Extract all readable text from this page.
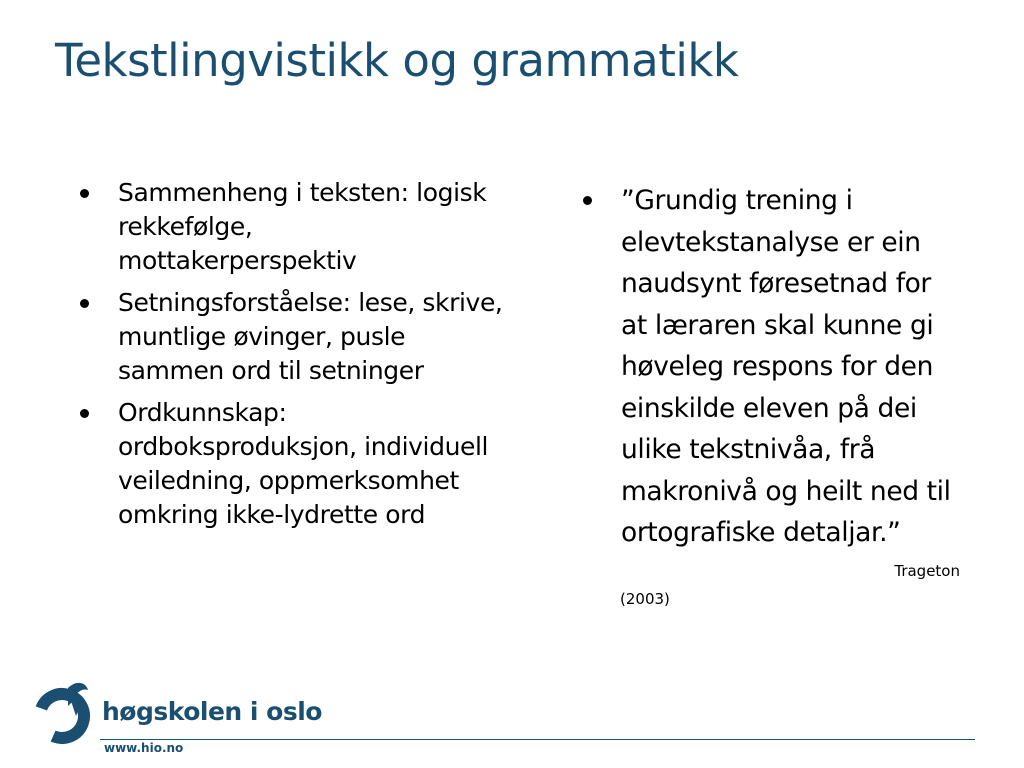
Tekstlingvistikk og grammatikk
Sammenheng i teksten: logisk
rekkefølge,
mottakerperspektiv
Setningsforståelse: lese, skrive,
muntlige øvinger, pusle
sammen ord til setninger
Ordkunnskap:
ordboksproduksjon, individuell
veiledning, oppmerksomhet
omkring ikke-lydrette ord
”Grundig trening i
elevtekstanalyse er ein
naudsynt føresetnad for
at læraren skal kunne gi
høveleg respons for den
einskilde eleven på dei
ulike tekstnivåa, frå
makronivå og heilt ned til
ortografiske detaljar.”
Trageton
(2003)
høgskolen i oslo
www.hio.no
